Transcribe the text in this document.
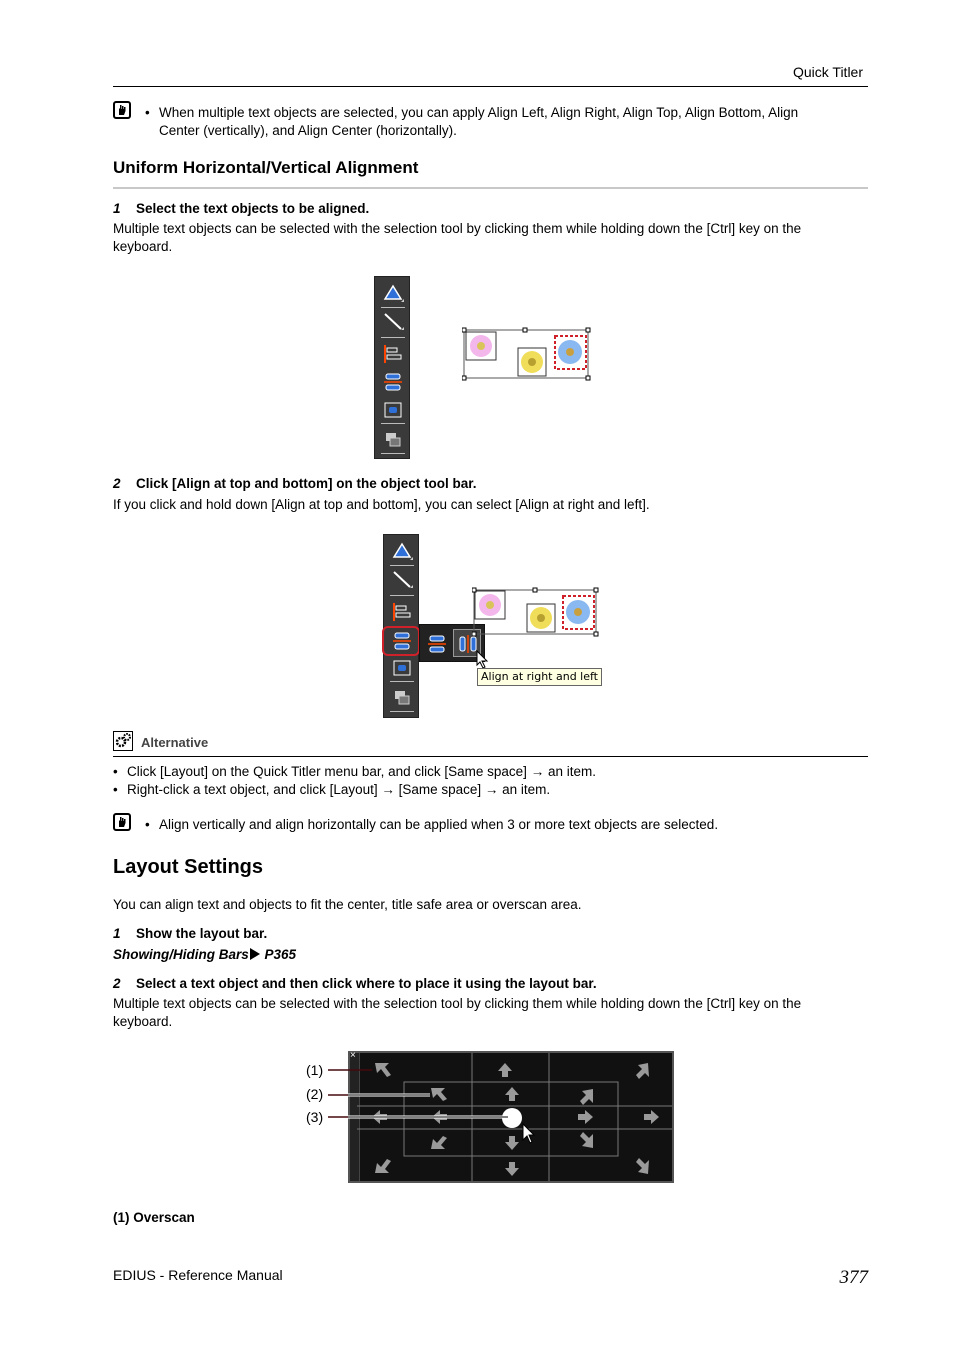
Quick Titler
• When multiple text objects are selected, you can apply Align Left, Align Right, Align Top, Align Bottom, Align
Center (vertically), and Align Center (horizontally).
Uniform Horizontal/Vertical Alignment
1 Select the text objects to be aligned.
Multiple text objects can be selected with the selection tool by clicking them while holding down the [Ctrl] key on the
keyboard.
2 Click [Align at top and bottom] on the object tool bar.
If you click and hold down [Align at top and bottom], you can select [Align at right and left].
Align at right and left
Alternative
• Click [Layout] on the Quick Titler menu bar, and click [Same space] → an item.
• Right-click a text object, and click [Layout] → [Same space] → an item.
• Align vertically and align horizontally can be applied when 3 or more text objects are selected.
Layout Settings
You can align text and objects to fit the center, title safe area or overscan area.
1 Show the layout bar.
Showing/Hiding Bars P365
2 Select a text object and then click where to place it using the layout bar.
Multiple text objects can be selected with the selection tool by clicking them while holding down the [Ctrl] key on the
keyboard.
×
(1)
(2)
(3)
(1) Overscan
EDIUS - Reference Manual	377
